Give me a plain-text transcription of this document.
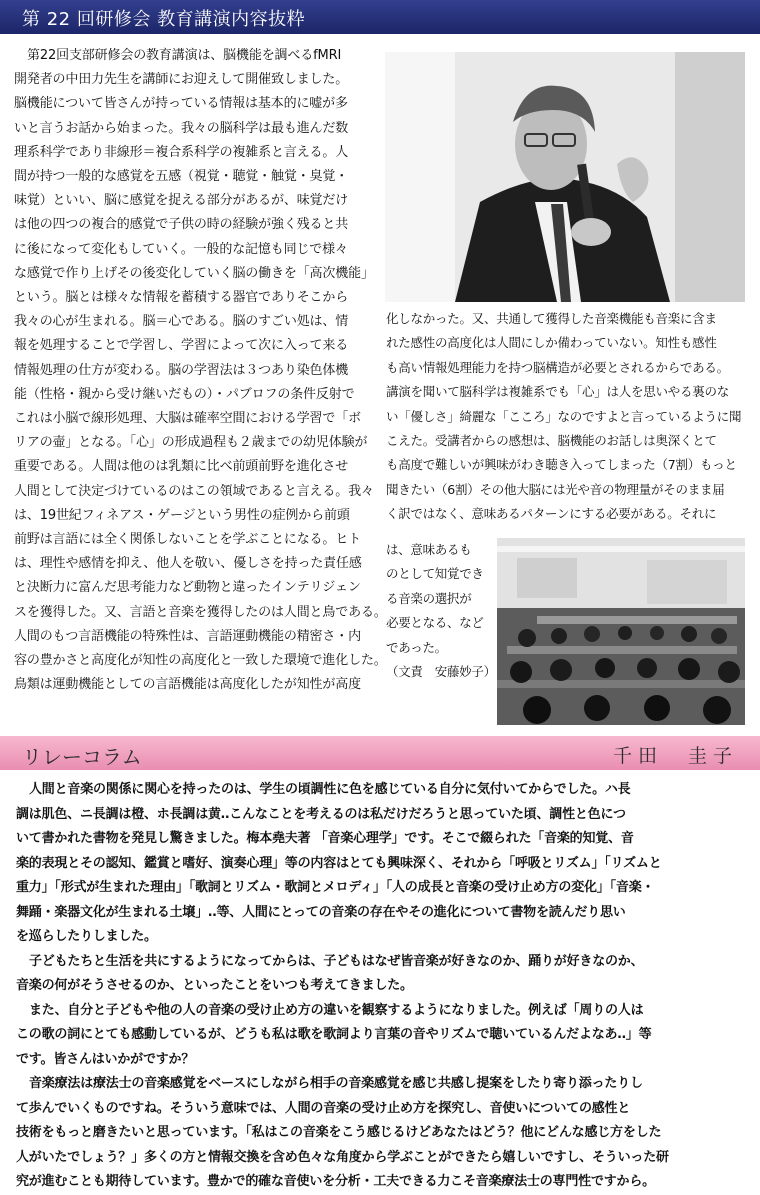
第 22 回研修会 教育講演内容抜粋
第22回支部研修会の教育講演は、脳機能を調べるfMRI
開発者の中田力先生を講師にお迎えして開催致しました。
脳機能について皆さんが持っている情報は基本的に嘘が多
いと言うお話から始まった。我々の脳科学は最も進んだ数
理系科学であり非線形＝複合系科学の複雑系と言える。人
間が持つ一般的な感覚を五感（視覚・聴覚・触覚・臭覚・
味覚）といい、脳に感覚を捉える部分があるが、味覚だけ
は他の四つの複合的感覚で子供の時の経験が強く残ると共
に後になって変化もしていく。一般的な記憶も同じで様々
な感覚で作り上げその後変化していく脳の働きを「高次機能」
という。脳とは様々な情報を蓄積する器官でありそこから
我々の心が生まれる。脳＝心である。脳のすごい処は、情
報を処理することで学習し、学習によって次に入って来る
情報処理の仕方が変わる。脳の学習法は３つあり染色体機
能（性格・親から受け継いだもの）・パブロフの条件反射で
これは小脳で線形処理、大脳は確率空間における学習で「ボ
リアの壷」となる。「心」の形成過程も２歳までの幼児体験が
重要である。人間は他のは乳類に比べ前頭前野を進化させ
人間として決定づけているのはこの領域であると言える。我々
は、19世紀フィネアス・ゲージという男性の症例から前頭
前野は言語には全く関係しないことを学ぶことになる。ヒト
は、理性や感情を抑え、他人を敬い、優しさを持った責任感
と決断力に富んだ思考能力など動物と違ったインテリジェン
スを獲得した。又、言語と音楽を獲得したのは人間と鳥である。
人間のもつ言語機能の特殊性は、言語運動機能の精密さ・内
容の豊かさと高度化が知性の高度化と一致した環境で進化した。
鳥類は運動機能としての言語機能は高度化したが知性が高度
化しなかった。又、共通して獲得した音楽機能も音楽に含ま
れた感性の高度化は人間にしか備わっていない。知性も感性
も高い情報処理能力を持つ脳構造が必要とされるからである。
講演を聞いて脳科学は複雑系でも「心」は人を思いやる裏のな
い「優しさ」綺麗な「こころ」なのですよと言っているように聞
こえた。受講者からの感想は、脳機能のお話しは奥深くとて
も高度で難しいが興味がわき聴き入ってしまった（7割）もっと
聞きたい（6割）その他大脳には光や音の物理量がそのまま届
く訳ではなく、意味あるパターンにする必要がある。それに
は、意味あるも
のとして知覚でき
る音楽の選択が
必要となる、など
であった。
（文責　安藤妙子）
リレーコラム	千田　圭子
人間と音楽の関係に関心を持ったのは、学生の頃調性に色を感じている自分に気付いてからでした。ハ長
調は肌色、ニ長調は橙、ホ長調は黄‥こんなことを考えるのは私だけだろうと思っていた頃、調性と色につ
いて書かれた書物を発見し驚きました。梅本堯夫著 「音楽心理学」です。そこで綴られた「音楽的知覚、音
楽的表現とその認知、鑑賞と嗜好、演奏心理」等の内容はとても興味深く、それから「呼吸とリズム」「リズムと
重力」「形式が生まれた理由」「歌詞とリズム・歌詞とメロディ」「人の成長と音楽の受け止め方の変化」「音楽・
舞踊・楽器文化が生まれる土壌」‥等、人間にとっての音楽の存在やその進化について書物を読んだり思い
を巡らしたりしました。
子どもたちと生活を共にするようになってからは、子どもはなぜ皆音楽が好きなのか、踊りが好きなのか、
音楽の何がそうさせるのか、といったことをいつも考えてきました。
また、自分と子どもや他の人の音楽の受け止め方の違いを観察するようになりました。例えば「周りの人は
この歌の詞にとても感動しているが、どうも私は歌を歌詞より言葉の音やリズムで聴いているんだよなあ‥」等
です。皆さんはいかがですか？
音楽療法は療法士の音楽感覚をベースにしながら相手の音楽感覚を感じ共感し提案をしたり寄り添ったりし
て歩んでいくものですね。そういう意味では、人間の音楽の受け止め方を探究し、音使いについての感性と
技術をもっと磨きたいと思っています。「私はこの音楽をこう感じるけどあなたはどう？他にどんな感じ方をした
人がいたでしょう？」多くの方と情報交換を含め色々な角度から学ぶことができたら嬉しいですし、そういった研
究が進むことも期待しています。豊かで的確な音使いを分析・工夫できる力こそ音楽療法士の専門性ですから。
